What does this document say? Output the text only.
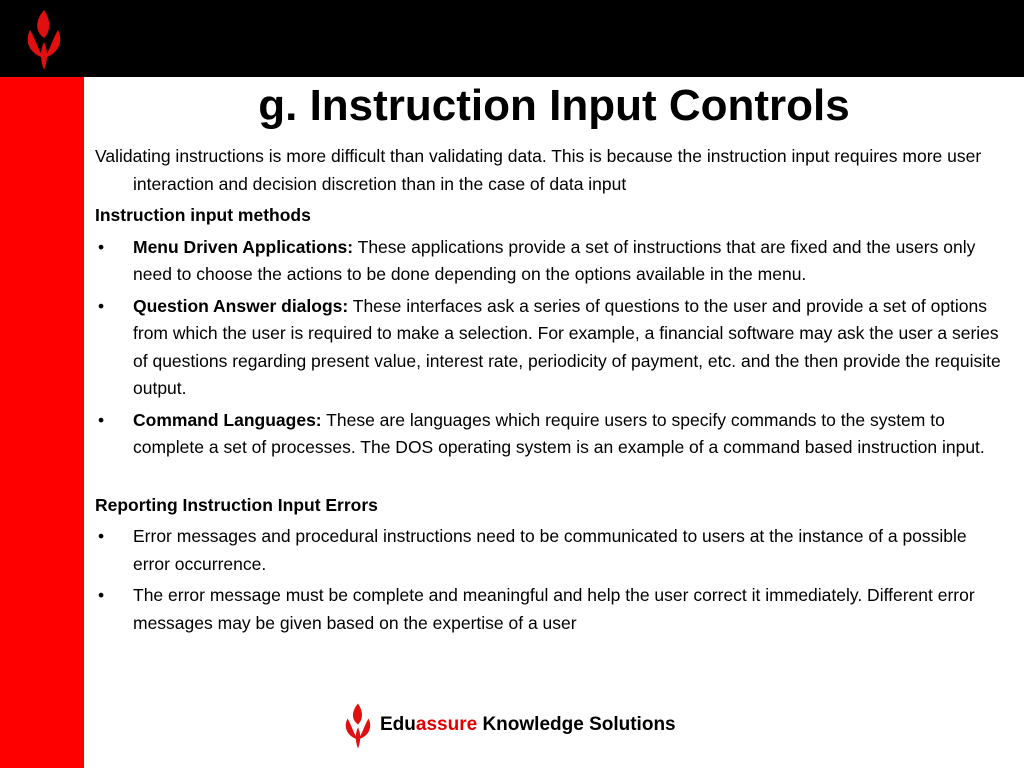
g. Instruction Input Controls

Validating instructions is more difficult than validating data. This is because the instruction input requires more user interaction and decision discretion than in the case of data input

Instruction input methods

• Menu Driven Applications: These applications provide a set of instructions that are fixed and the users only need to choose the actions to be done depending on the options available in the menu.
• Question Answer dialogs: These interfaces ask a series of questions to the user and provide a set of options from which the user is required to make a selection. For example, a financial software may ask the user a series of questions regarding present value, interest rate, periodicity of payment, etc. and the then provide the requisite output.
• Command Languages: These are languages which require users to specify commands to the system to complete a set of processes. The DOS operating system is an example of a command based instruction input.

Reporting Instruction Input Errors

• Error messages and procedural instructions need to be communicated to users at the instance of a possible error occurrence.
• The error message must be complete and meaningful and help the user correct it immediately. Different error messages may be given based on the expertise of a user
Eduassure Knowledge Solutions
